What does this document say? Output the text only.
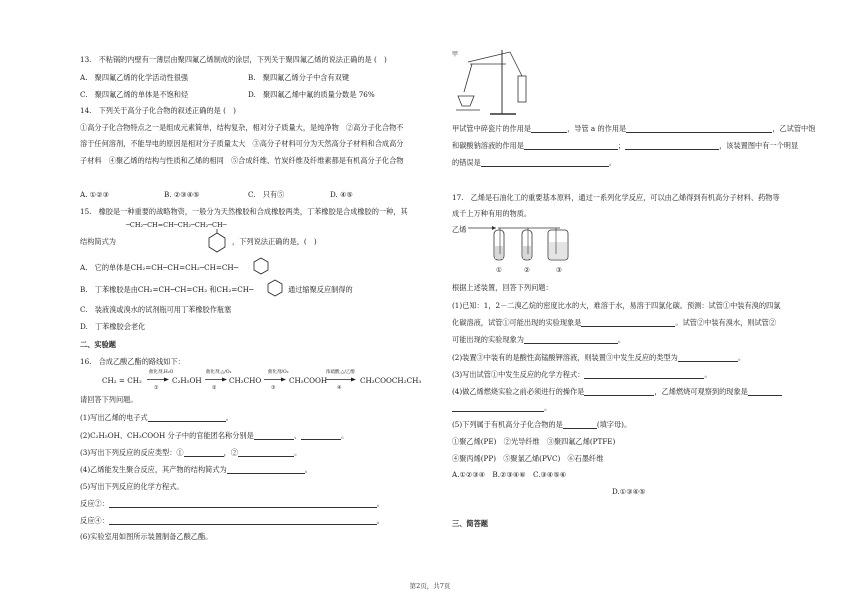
13.　不粘锅的内壁有一薄层由聚四氟乙烯制成的涂层，下列关于聚四氟乙烯的说法正确的是 (　)
A.　聚四氟乙烯的化学活动性很强	B.　聚四氟乙烯分子中含有双键
C.　聚四氟乙烯的单体是不饱和烃	D.　聚四氟乙烯中氟的质量分数是 76%
14.　下列关于高分子化合物的叙述正确的是 (　)
①高分子化合物特点之一是组成元素简单，结构复杂，相对分子质量大，是纯净物　②高分子化合物不
溶于任何溶剂，不能导电的原因是相对分子质量太大　③高分子材料可分为天然高分子材料和合成高分
子材料　④聚乙烯的结构与性质和乙烯的相同　⑤合成纤维、竹炭纤维及纤维素都是有机高分子化合物
A. ①②③	B. ②③④⑤	C.　只有⑤	D. ④⑤
15.　橡胶是一种重要的战略物资，一般分为天然橡胶和合成橡胶两类，丁苯橡胶是合成橡胶的一种，其
─CH₂─CH=CH─CH₂─CH₂─CH─
结构简式为	，下列说法正确的是，(　)
A.　它的单体是CH₂=CH─CH=CH₂─CH=CH─
B.　丁苯橡胶是由CH₂=CH─CH=CH₂ 和CH₂=CH─	通过缩聚反应制得的
C.　装液溴或溴水的试剂瓶可用丁苯橡胶作瓶塞
D.　丁苯橡胶会老化
二、实验题
16.　合成乙酸乙酯的路线如下：
CH₂ = CH₂
催化剂,H₂O
①
C₂H₅OH
催化剂,△/O₂
②
CH₃CHO
催化剂/O₂
③
CH₃COOH
浓硫酸,△/乙醇
④
CH₃COOCH₂CH₃
请回答下列问题。
(1)写出乙烯的电子式	。
(2)C₂H₅OH、CH₃COOH 分子中的官能团名称分别是	、	。
(3)写出下列反应的反应类型：①	，②	。
(4)乙烯能发生聚合反应，其产物的结构简式为	。
(5)写出下列反应的化学方程式。
反应②：	。
反应④：	。
(6)实验室用如图所示装置制备乙酸乙酯。
甲
甲试管中碎瓷片的作用是	，导管 a 的作用是	，乙试管中饱
和碳酸钠溶液的作用是	；	，该装置图中有一个明显
的错误是	。
17.　乙烯是石油化工的重要基本原料，通过一系列化学反应，可以由乙烯得到有机高分子材料、药物等
成千上万种有用的物质。
乙烯
①	②	③
根据上述装置，回答下列问题：
(1)已知：1，2－二溴乙烷的密度比水的大，难溶于水，易溶于四氯化碳。预测：试管①中装有溴的四氯
化碳溶液，试管①可能出现的实验现象是	。试管②中装有溴水，则试管②
可能出现的实验现象为	。
(2)装置③中装有的是酸性高锰酸钾溶液，则装置③中发生反应的类型为	。
(3)写出试管①中发生反应的化学方程式：	。
(4)做乙烯燃烧实验之前必须进行的操作是	，乙烯燃烧可观察到的现象是
。
(5)下列属于有机高分子化合物的是	(填字母)。
①聚乙烯(PE)　②光导纤维　③聚四氟乙烯(PTFE)
④聚丙烯(PP)　⑤聚氯乙烯(PVC)　⑥石墨纤维
A.①②③④　B.②③④⑥　C.③④⑤⑥
D.①③④⑤
三、简答题
第2页，共7页
